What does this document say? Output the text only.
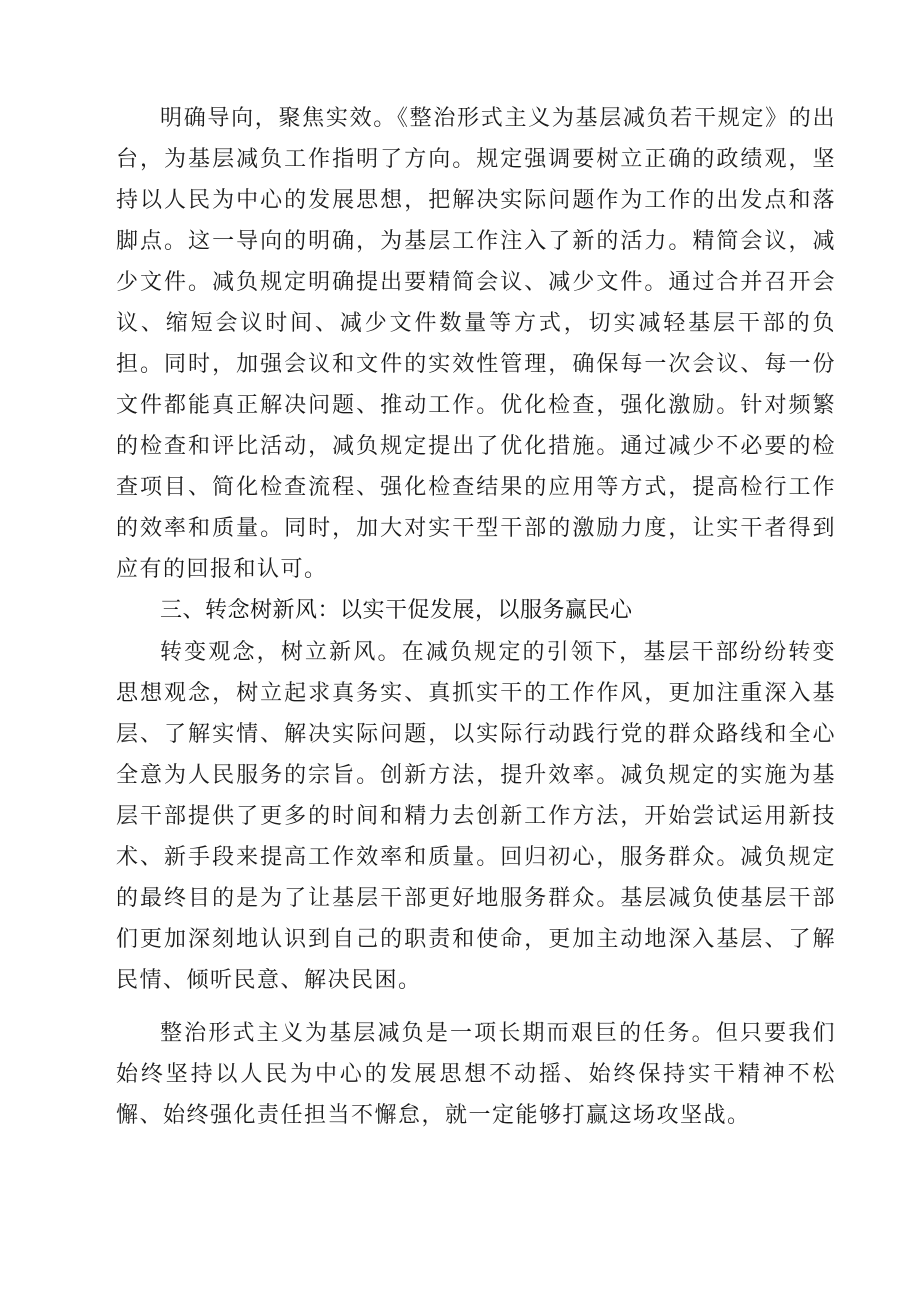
明确导向，聚焦实效。《整治形式主义为基层减负若干规定》的出台，为基层减负工作指明了方向。规定强调要树立正确的政绩观，坚持以人民为中心的发展思想，把解决实际问题作为工作的出发点和落脚点。这一导向的明确，为基层工作注入了新的活力。精简会议，减少文件。减负规定明确提出要精简会议、减少文件。通过合并召开会议、缩短会议时间、减少文件数量等方式，切实减轻基层干部的负担。同时，加强会议和文件的实效性管理，确保每一次会议、每一份文件都能真正解决问题、推动工作。优化检查，强化激励。针对频繁的检查和评比活动，减负规定提出了优化措施。通过减少不必要的检查项目、简化检查流程、强化检查结果的应用等方式，提高检行工作的效率和质量。同时，加大对实干型干部的激励力度，让实干者得到应有的回报和认可。

三、转念树新风：以实干促发展，以服务赢民心

转变观念，树立新风。在减负规定的引领下，基层干部纷纷转变思想观念，树立起求真务实、真抓实干的工作作风，更加注重深入基层、了解实情、解决实际问题，以实际行动践行党的群众路线和全心全意为人民服务的宗旨。创新方法，提升效率。减负规定的实施为基层干部提供了更多的时间和精力去创新工作方法，开始尝试运用新技术、新手段来提高工作效率和质量。回归初心，服务群众。减负规定的最终目的是为了让基层干部更好地服务群众。基层减负使基层干部们更加深刻地认识到自己的职责和使命，更加主动地深入基层、了解民情、倾听民意、解决民困。

整治形式主义为基层减负是一项长期而艰巨的任务。但只要我们始终坚持以人民为中心的发展思想不动摇、始终保持实干精神不松懈、始终强化责任担当不懈怠，就一定能够打赢这场攻坚战。
